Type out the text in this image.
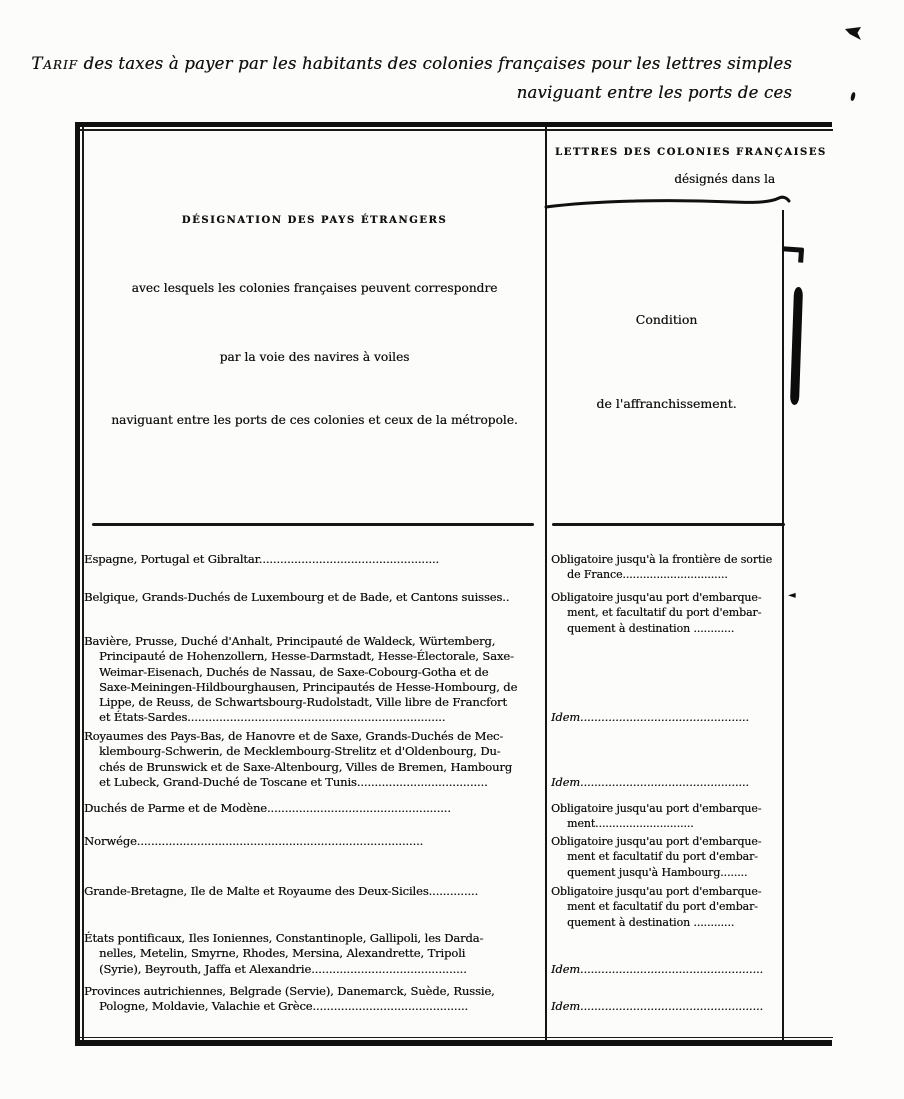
Tarif des taxes à payer par les habitants des colonies françaises pour les lettres simples
naviguant entre les ports de ces
DÉSIGNATION DES PAYS ÉTRANGERS
avec lesquels les colonies françaises peuvent correspondre
par la voie des navires à voiles
naviguant entre les ports de ces colonies et ceux de la métropole.
LETTRES DES COLONIES FRANÇAISES
désignés dans la
Condition
de l'affranchissement.
◄
Espagne, Portugal et Gibraltar...................................................	Obligatoire jusqu'à la frontière de sortie
de France...............................
Belgique, Grands-Duchés de Luxembourg et de Bade, et Cantons suisses..	Obligatoire jusqu'au port d'embarque-
ment, et facultatif du port d'embar-
quement à destination ............
Bavière, Prusse, Duché d'Anhalt, Principauté de Waldeck, Würtemberg,
Principauté de Hohenzollern, Hesse-Darmstadt, Hesse-Électorale, Saxe-
Weimar-Eisenach, Duchés de Nassau, de Saxe-Cobourg-Gotha et de
Saxe-Meiningen-Hildbourghausen, Principautés de Hesse-Hombourg, de
Lippe, de Reuss, de Schwartsbourg-Rudolstadt, Ville libre de Francfort
et États-Sardes.........................................................................	Idem................................................
Royaumes des Pays-Bas, de Hanovre et de Saxe, Grands-Duchés de Mec-
klembourg-Schwerin, de Mecklembourg-Strelitz et d'Oldenbourg, Du-
chés de Brunswick et de Saxe-Altenbourg, Villes de Bremen, Hambourg
et Lubeck, Grand-Duché de Toscane et Tunis.....................................	Idem................................................
Duchés de Parme et de Modène....................................................	Obligatoire jusqu'au port d'embarque-
ment.............................
Norwége.................................................................................	Obligatoire jusqu'au port d'embarque-
ment et facultatif du port d'embar-
quement jusqu'à Hambourg........
Grande-Bretagne, Ile de Malte et Royaume des Deux-Siciles..............	Obligatoire jusqu'au port d'embarque-
ment et facultatif du port d'embar-
quement à destination ............
États pontificaux, Iles Ioniennes, Constantinople, Gallipoli, les Darda-
nelles, Metelin, Smyrne, Rhodes, Mersina, Alexandrette, Tripoli
(Syrie), Beyrouth, Jaffa et Alexandrie............................................	Idem....................................................
Provinces autrichiennes, Belgrade (Servie), Danemarck, Suède, Russie,
Pologne, Moldavie, Valachie et Grèce............................................	Idem....................................................
